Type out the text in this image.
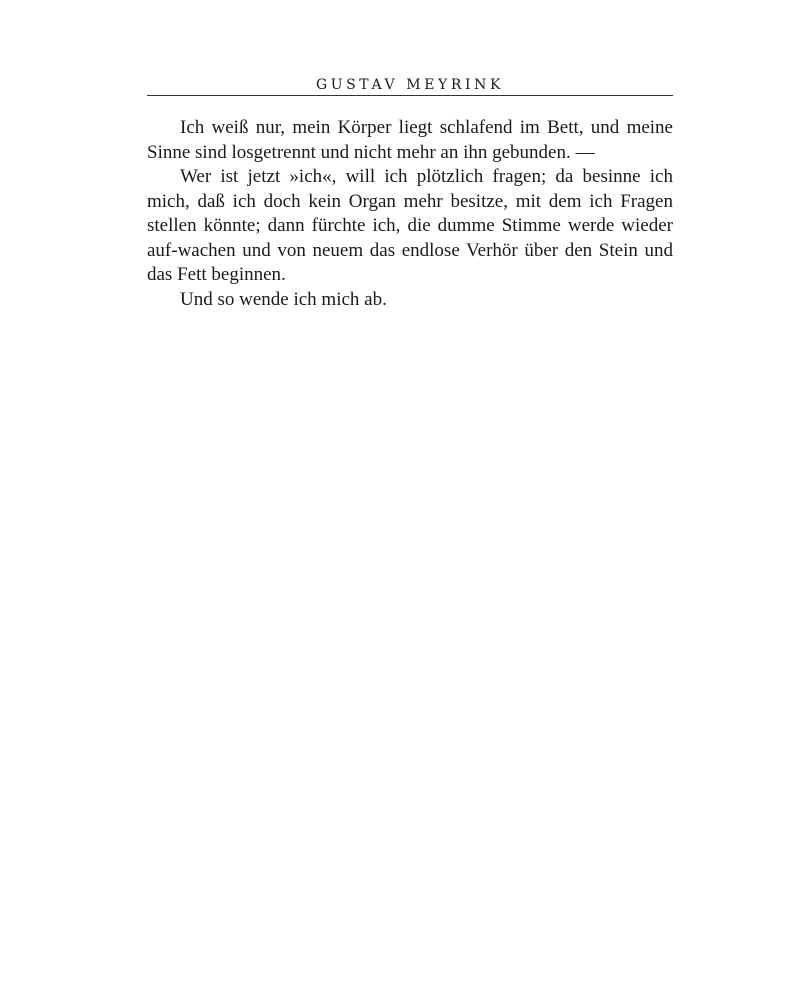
GUSTAV MEYRINK

Ich weiß nur, mein Körper liegt schlafend im Bett, und meine Sinne sind losgetrennt und nicht mehr an ihn gebunden. —

Wer ist jetzt »ich«, will ich plötzlich fragen; da besinne ich mich, daß ich doch kein Organ mehr besitze, mit dem ich Fragen stellen könnte; dann fürchte ich, die dumme Stimme werde wieder auf-wachen und von neuem das endlose Verhör über den Stein und das Fett beginnen.

Und so wende ich mich ab.
